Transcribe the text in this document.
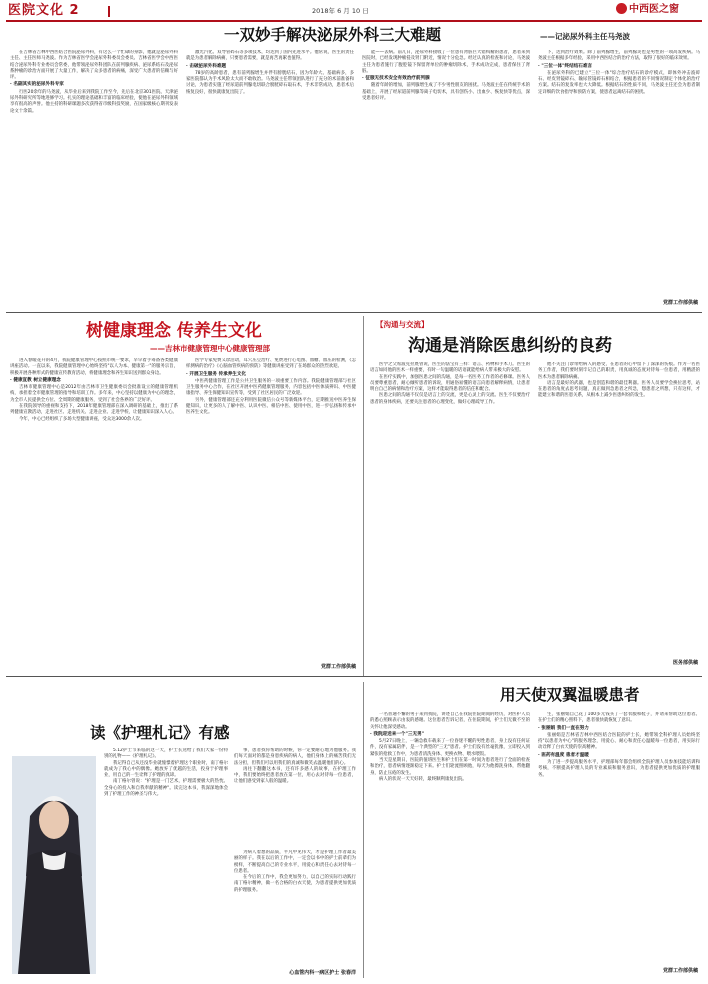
医院文化 2	2018年 6 月 10 日	中西医之窗
一双妙手解决泌尿外科三大难题	——记泌尿外科主任马尧波

在吉林省吉林中西医结合医院泌尿外科，有这么一个忙碌的身影，他就是泌尿外科主任、主任医师马尧波。作为吉林省医学会泌尿外科委员会委员、吉林省医学会中西医结合泌尿外科专业委员会常委，他带领泌尿外科团队在前列腺疾病、泌尿系结石及泌尿系肿瘤的诊治方面开展了大量工作，解决了众多患者的病痛，深受广大患者的信赖与好评。

· 名副其实的泌尿外科专家

行医20余年的马尧波，从毕业后来到我院工作至今，先后在北京301医院、天津泌尿外科研究所等地进修学习。扎实的理论基础和丰富的临床经验，使他在泌尿外科领域享有很高的声誉。他主持的科研课题多次获得省市级科技奖励，在国家级核心期刊发表论文十余篇。

激光汽化、双导管碎石等多项技术，均达到了国内先进水平。他常说，医生的责任就是为患者解除病痛，只要患者需要，就是再苦再累也值得。

· 击破泌尿外科难题

78岁的高龄患者，患有前列腺增生并伴有膀胱结石，因为年龄大、基础病多，多家医院都认为手术风险太大而不敢收治。马尧波主任带领团队进行了充分的术前准备和讨论，为患者实施了经尿道前列腺电切联合膀胱碎石取石术，手术非常成功，患者术后恢复良好，很快就康复出院了。

能——去病。前几日，泌尿外科接收了一位患有肾脏巨大错构瘤的患者，患者来到医院时，已经发现肿瘤侵及肾门附近，情况十分危急。经过认真的检查和讨论，马尧波主任为患者施行了腹腔镜下保留肾单位的肿瘤切除术，手术成功完成，患者保住了肾脏。

· 征服无技术安全有效治疗前列腺

随着年龄的增加，前列腺增生成了不少男性朋友的困扰。马尧波主任在传统手术的基础上，开展了经尿道前列腺等离子电切术，具有创伤小、出血少、恢复快等优点，深受患者好评。

下，达到治疗效果。除了前列腺增生，前列腺炎也是男性的一项高发疾病。马尧波主任根据多年经验，采用中西医结合的治疗方法，取得了很好的临床效果。

· "三位一体"终结结石难言

在泌尿外科的已建立"三位一体"综合治疗结石的诊疗模式，即体外冲击波碎石、经皮肾镜碎石、输尿管镜碎石相结合，根据患者的不同情况制定个体化的治疗方案。结石的复发率也大大降低。根据结石的性质不同，马尧波主任还会为患者制定详细的饮食指导和预防方案，使患者远离结石的困扰。

党群工作部供稿
树健康理念 传养生文化
——吉林市健康管理中心健康管理部

进入春暖花开的4月，我院健康管理中心按照市统一要求，早早着手筹备各类健康讲座活动。一直以来，我院健康管理中心始终坚持"以人为本、健康第一"的服务宗旨，积极开展各种形式的健康宣传教育活动，将健康理念和养生知识送到群众身边。

· 健康宣教 树立健康理念

吉林市健康管理中心是2012年由吉林市卫生健康委员会批准设立的健康管理机构，承担着全市健康管理的指导和培训工作。多年来，中心坚持以健康为中心的理念，为全市人民提供全方位、全周期的健康服务，受到了社会各界的广泛好评。

在我院领导的重视和支持下，2018年健康管理部在深入调研的基础上，推出了系列健康宣教活动，走进社区、走进机关、走进企业、走进学校，让健康知识深入人心。

今年，中心已经组织了多场大型健康讲座，受众达3000余人次。

医学专家免费义诊活动，耳穴压豆治疗、免费进行心电图、血糖、血压的检测，《怎样测病的治疗》《心脑血管疾病的预防》等健康讲座受到了在场群众的热烈欢迎。

· 开展卫生服务 传承养生文化

中医药健康管理工作是公共卫生服务的一项重要工作内容。我院健康管理部与社区卫生服务中心合作，在社区开展中医药健康管理服务，内容包括中医体质辨识、中医健康指导、养生保健知识宣传等，受到了社区居民的广泛欢迎。

另外，健康管理部还充分利用医院微信公众号等新媒体平台，定期推送中医养生保健知识，让更多的人了解中医、认识中医、相信中医、使用中医，进一步弘扬和传承中医养生文化。

党群工作部供稿
【沟通与交流】
沟通是消除医患纠纷的良药

医学之父希波克拉底曾说，医生的法宝有三样：语言、药物和手术刀。医生的语言如同他的医术一样重要，有时一句温暖的话语就能给病人带来极大的安慰。

在医疗实践中，加强医患之间的沟通，是每一名医务工作者的必修课。医务人员要尊重患者，耐心倾听患者的诉说，用通俗易懂的语言向患者解释病情，让患者明白自己的病情和治疗方案，这样才能取得患者的信任和配合。

医患之间的沟通不仅仅是语言上的交流，更是心灵上的交流。医生不仅要治疗患者的身体疾病，还要关注患者的心理变化，做好心理疏导工作。

他不关注门诊带给病人的感受，在患者的心中留下了深深的伤痕。作为一名医务工作者，我们要时刻牢记自己的职责，用真诚的态度对待每一位患者，用精湛的医术为患者解除病痛。

语言是最好的武器，也是创造和谐的最佳利器。医务人员要学会换位思考，站在患者的角度去思考问题，真正做到急患者之所急，想患者之所想，只有这样，才能建立和谐的医患关系，从根本上减少医患纠纷的发生。

医务部供稿
用天使双翼温暖患者

一名普通不懈的男子来到我院，讲述自己在我院住院期间的经历，对医护人员的悉心照顾表示由衷的感谢。这位患者告诉记者，在住院期间，护士们无微不至的关怀让他深受感动。

· 我院迎送来一个"三无男"

5月27日晚上，一辆急救车载来了一位昏迷不醒的男性患者，身上没有任何证件，没有家属陪伴，是一个典型的"三无"患者。护士们没有丝毫犹豫，立即投入到紧张的抢救工作中，为患者清洗身体、更换衣物、喂水喂饭。

当天是星期日，医院的值班医生和护士们在第一时间为患者进行了全面的检查和治疗，患者病情逐渐稳定下来。护士们轮流照顾他，每天为他擦洗身体，帮他翻身，防止压疮的发生。

病人的状况一天天好转，最终顺利康复出院。

生，张丽娟自己花了100多元钱买了一套衣服和鞋子，并请来帮助这位患者。在护士们的精心照料下，患者很快就恢复了意识。

· 张丽娟 我们一直在努力

张丽娟是吉林省吉林中西医结合医院的护士长，她带领全科护理人员始终坚持"以患者为中心"的服务理念，用爱心、耐心和责任心温暖每一位患者，用实际行动诠释了白衣天使的崇高精神。

· 医药有温度 患者才温暖

为了进一步提高服务水平，护理部每年都会组织全院护理人员参加技能培训和考核，不断提高护理人员的专业素质和服务意识，为患者提供更加优质的护理服务。

党群工作部供稿
读《护理札记》有感

5.12护士节来临的这一天，护士长送给了我们大家一份特别的礼物——《护理札记》。

我记得自己从还没毕业就憧憬着护理这个职业时，南丁格尔就成为了我心中的偶像。她放弃了优越的生活，投身于护理事业，用自己的一生诠释了护理的真谛。

南丁格尔曾说："护理是一门艺术，护理需要极大的热忱、全身心的投入和自我奉献的精神"。读完这本书，我深深地体会到了护理工作的神圣与伟大。

事，患者找你帮助的时候，你一定要耐心地为他服务。我们每天面对的都是身患疾病的病人，他们身体上的痛苦我们无法分担，但我们可以用我们的真诚和微笑去温暖他们的心。

再往下翻翻这本书，还有许多感人的故事，在护理工作中，我们要始终把患者放在第一位，用心去对待每一位患者，让他们感受到家人般的温暖。

为病人着想的品质，平凡中见伟大，才是护理工作者最美丽的样子。我在以后的工作中，一定会以书中的护士前辈们为榜样，不断提高自己的专业水平，用爱心和责任心去对待每一位患者。

在今后的工作中，我会更加努力，以自己的实际行动践行南丁格尔精神，做一名合格的白衣天使，为患者提供更加优质的护理服务。

心血管内科一病区护士 张春洋
